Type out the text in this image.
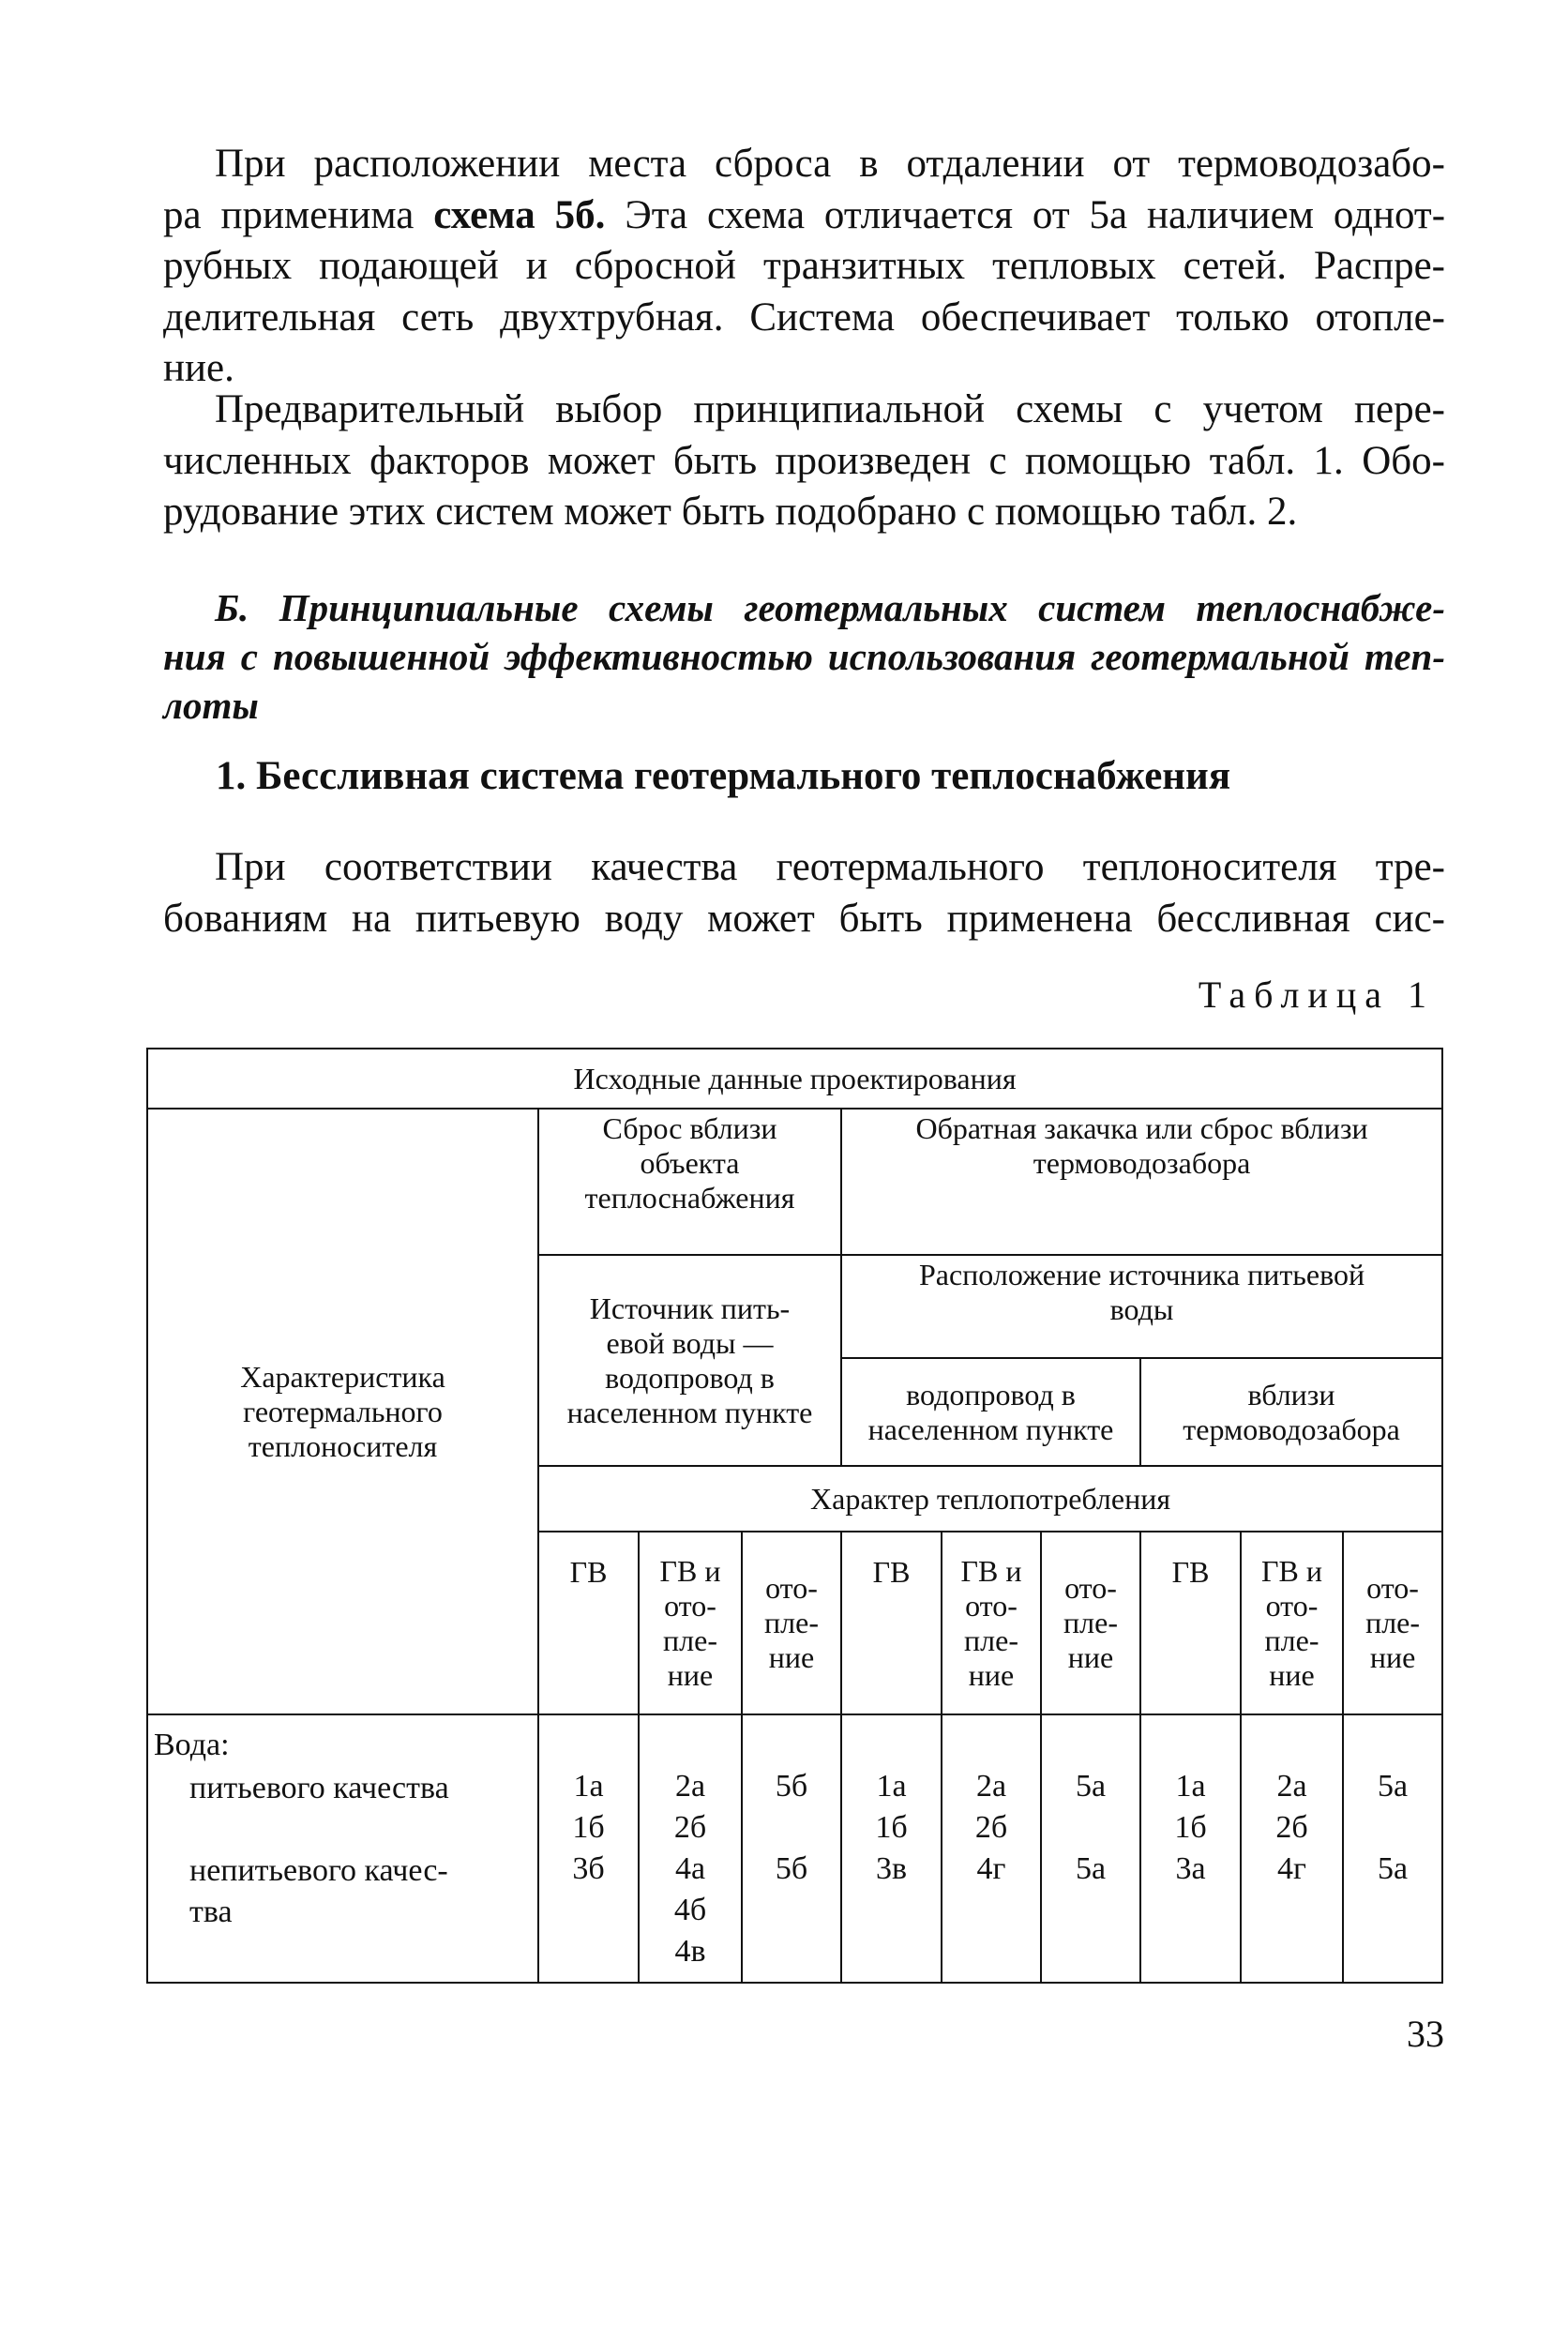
При расположении места сброса в отдалении от термоводозабо-
ра применима схема 5б. Эта схема отличается от 5а наличием однот-
рубных подающей и сбросной транзитных тепловых сетей. Распре-
делительная сеть двухтрубная. Система обеспечивает только отопле-
ние.

Предварительный выбор принципиальной схемы с учетом пере-
численных факторов может быть произведен с помощью табл. 1. Обо-
рудование этих систем может быть подобрано с помощью табл. 2.

Б. Принципиальные схемы геотермальных систем теплоснабже-
ния с повышенной эффективностью использования геотермальной теп-
лоты

1. Бессливная система геотермального теплоснабжения

При соответствии качества геотермального теплоносителя тре-
бованиям на питьевую воду может быть применена бессливная сис-

Таблица 1

Исходные данные проектирования									

Характеристика
геотермального
теплоносителя	Сброс вблизи
объекта
теплоснабжения			Обратная закачка или сброс вблизи
термоводозабора					

	Источник пить-
евой воды —
водопровод в
населенном пункте			Расположение источника питьевой
воды					

				водопровод в
населенном пункте			вблизи
термоводозабора		

	Характер теплопотребления								
	ГВ	ГВ и
ото-
пле-
ние	ото-
пле-
ние	ГВ	ГВ и
ото-
пле-
ние	ото-
пле-
ние	ГВ	ГВ и
ото-
пле-
ние	ото-
пле-
ние

Вода:
питьевого качества
непитьевого качес-
тва	1а
1б
3б	2а
2б
4а
4б
4в	5б
5б	1а
1б
3в	2а
2б
4г	5а
5а	1а
1б
3а	2а
2б
4г	5а
5а

33
